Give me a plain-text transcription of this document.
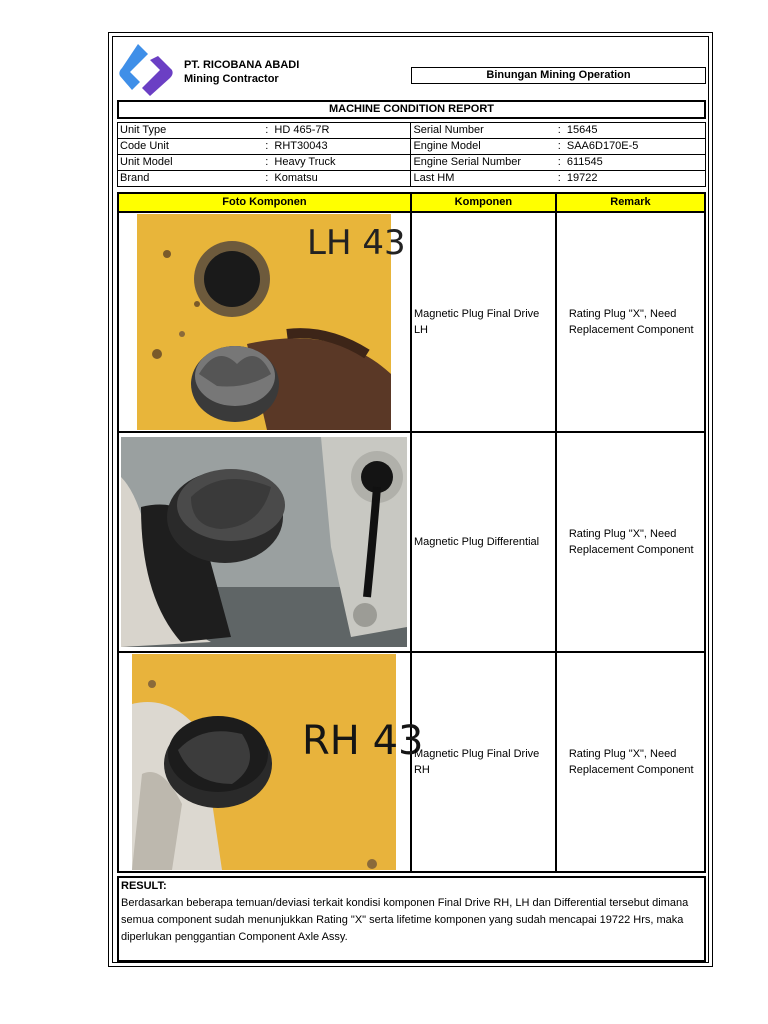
PT. RICOBANA ABADI
Mining Contractor	Binungan Mining Operation
MACHINE CONDITION REPORT
Unit Type	: HD 465-7R	Serial Number	: 15645
Code Unit	: RHT30043	Engine Model	: SAA6D170E-5
Unit Model	: Heavy Truck	Engine Serial Number	: 611545
Brand	: Komatsu	Last HM	: 19722
Foto Komponen	Komponen	Remark

LH 43	Magnetic Plug Final Drive LH	Rating Plug "X", Need Replacement Component

	Magnetic Plug Differential	Rating Plug "X", Need Replacement Component

RH 43	Magnetic Plug Final Drive RH	Rating Plug "X", Need Replacement Component
RESULT:
Berdasarkan beberapa temuan/deviasi terkait kondisi komponen Final Drive RH, LH dan Differential tersebut dimana semua component sudah menunjukkan Rating "X" serta lifetime komponen yang sudah mencapai 19722 Hrs, maka diperlukan penggantian Component Axle Assy.
